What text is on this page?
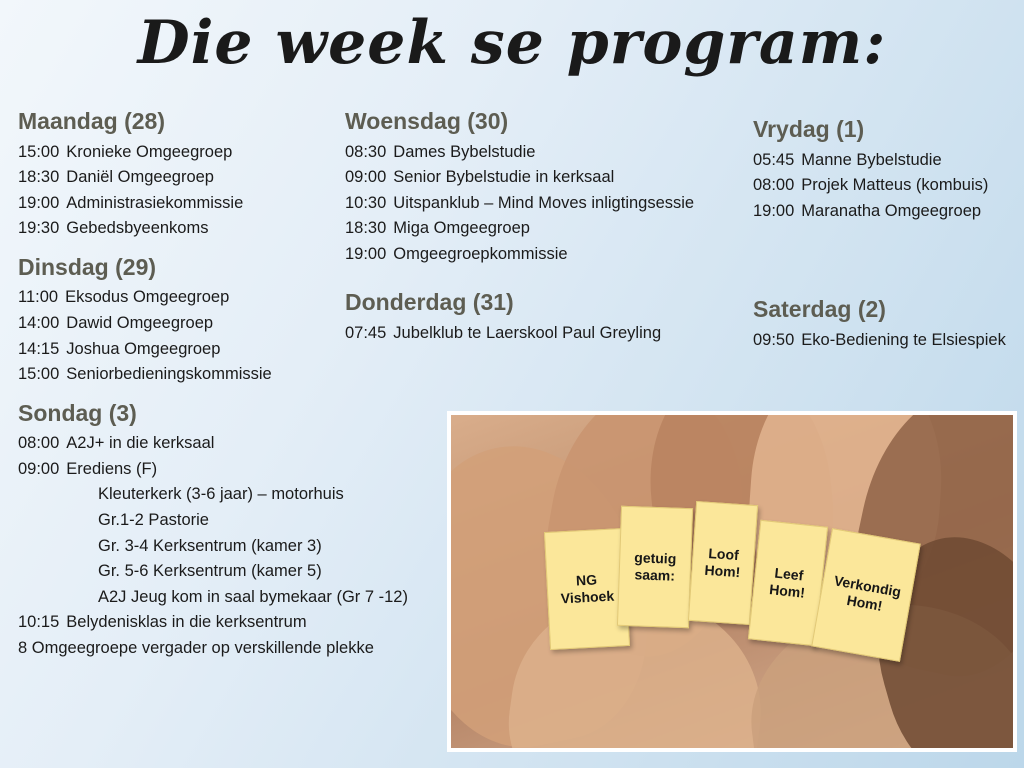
Die week se program:
Maandag (28)
15:00 Kronieke Omgeegroep
18:30 Daniël Omgeegroep
19:00 Administrasiekommissie
19:30 Gebedsbyeenkoms
Dinsdag (29)
11:00 Eksodus Omgeegroep
14:00 Dawid Omgeegroep
14:15 Joshua Omgeegroep
15:00 Seniorbedieningskommissie
Sondag (3)
08:00 A2J+ in die kerksaal
09:00 Erediens (F)
Kleuterkerk (3-6 jaar) – motorhuis
Gr.1-2 Pastorie
Gr. 3-4 Kerksentrum (kamer 3)
Gr. 5-6 Kerksentrum (kamer 5)
A2J Jeug kom in saal bymekaar (Gr 7 -12)
10:15 Belydenisklas in die kerksentrum
8 Omgeegroepe vergader op verskillende plekke
Woensdag (30)
08:30 Dames Bybelstudie
09:00 Senior Bybelstudie in kerksaal
10:30 Uitspanklub – Mind Moves inligtingsessie
18:30 Miga Omgeegroep
19:00 Omgeegroepkommissie
Donderdag (31)
07:45 Jubelklub te Laerskool Paul Greyling
Vrydag (1)
05:45 Manne Bybelstudie
08:00 Projek Matteus (kombuis)
19:00 Maranatha Omgeegroep
Saterdag (2)
09:50 Eko-Bediening te Elsiespiek
NG Vishoek
getuig saam:
Loof Hom!	Leef Hom!	Verkondig Hom!
